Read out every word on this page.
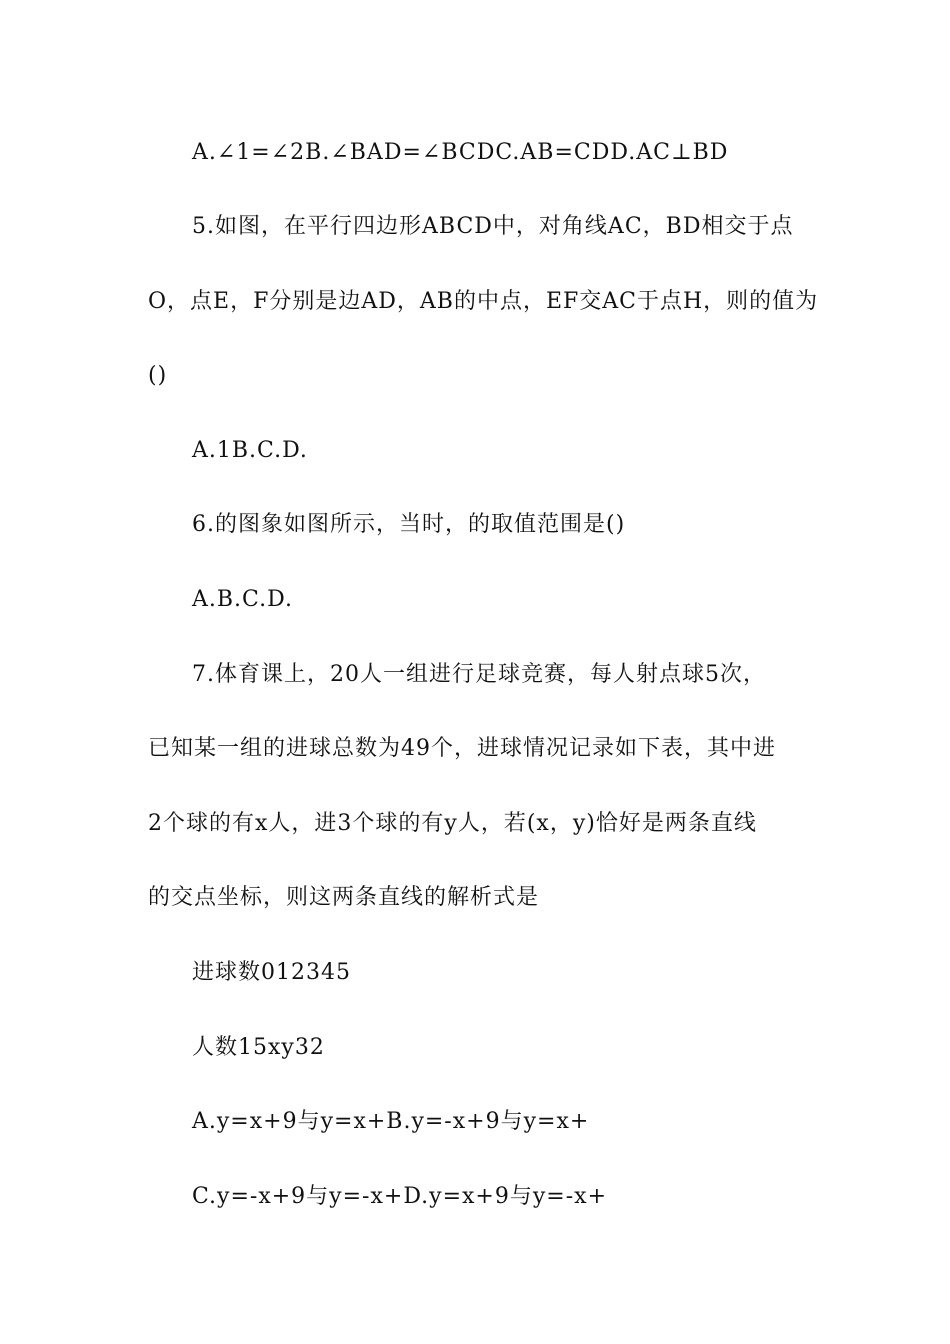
A.∠1=∠2B.∠BAD=∠BCDC.AB=CDD.AC⊥BD
5.如图，在平行四边形ABCD中，对角线AC，BD相交于点
O，点E，F分别是边AD，AB的中点，EF交AC于点H，则的值为
()
A.1B.C.D.
6.的图象如图所示，当时，的取值范围是()
A.B.C.D.
7.体育课上，20人一组进行足球竞赛，每人射点球5次，
已知某一组的进球总数为49个，进球情况记录如下表，其中进
2个球的有x人，进3个球的有y人，若(x，y)恰好是两条直线
的交点坐标，则这两条直线的解析式是
进球数012345
人数15xy32
A.y=x+9与y=x+B.y=-x+9与y=x+
C.y=-x+9与y=-x+D.y=x+9与y=-x+
